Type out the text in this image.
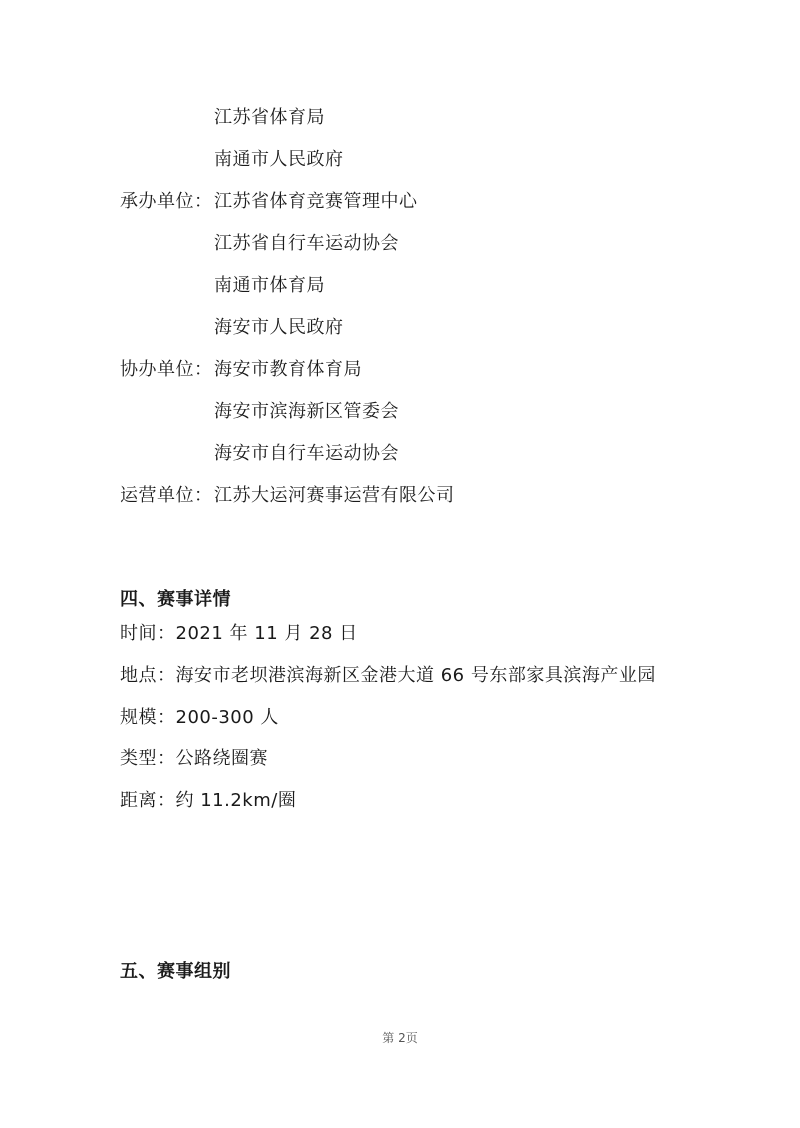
江苏省体育局
南通市人民政府
承办单位： 江苏省体育竞赛管理中心
江苏省自行车运动协会
南通市体育局
海安市人民政府
协办单位： 海安市教育体育局
海安市滨海新区管委会
海安市自行车运动协会
运营单位： 江苏大运河赛事运营有限公司
四、赛事详情
时间：2021 年 11 月 28 日
地点：海安市老坝港滨海新区金港大道 66 号东部家具滨海产业园
规模：200-300 人
类型：公路绕圈赛
距离：约 11.2km/圈
五、赛事组别
第 2页
